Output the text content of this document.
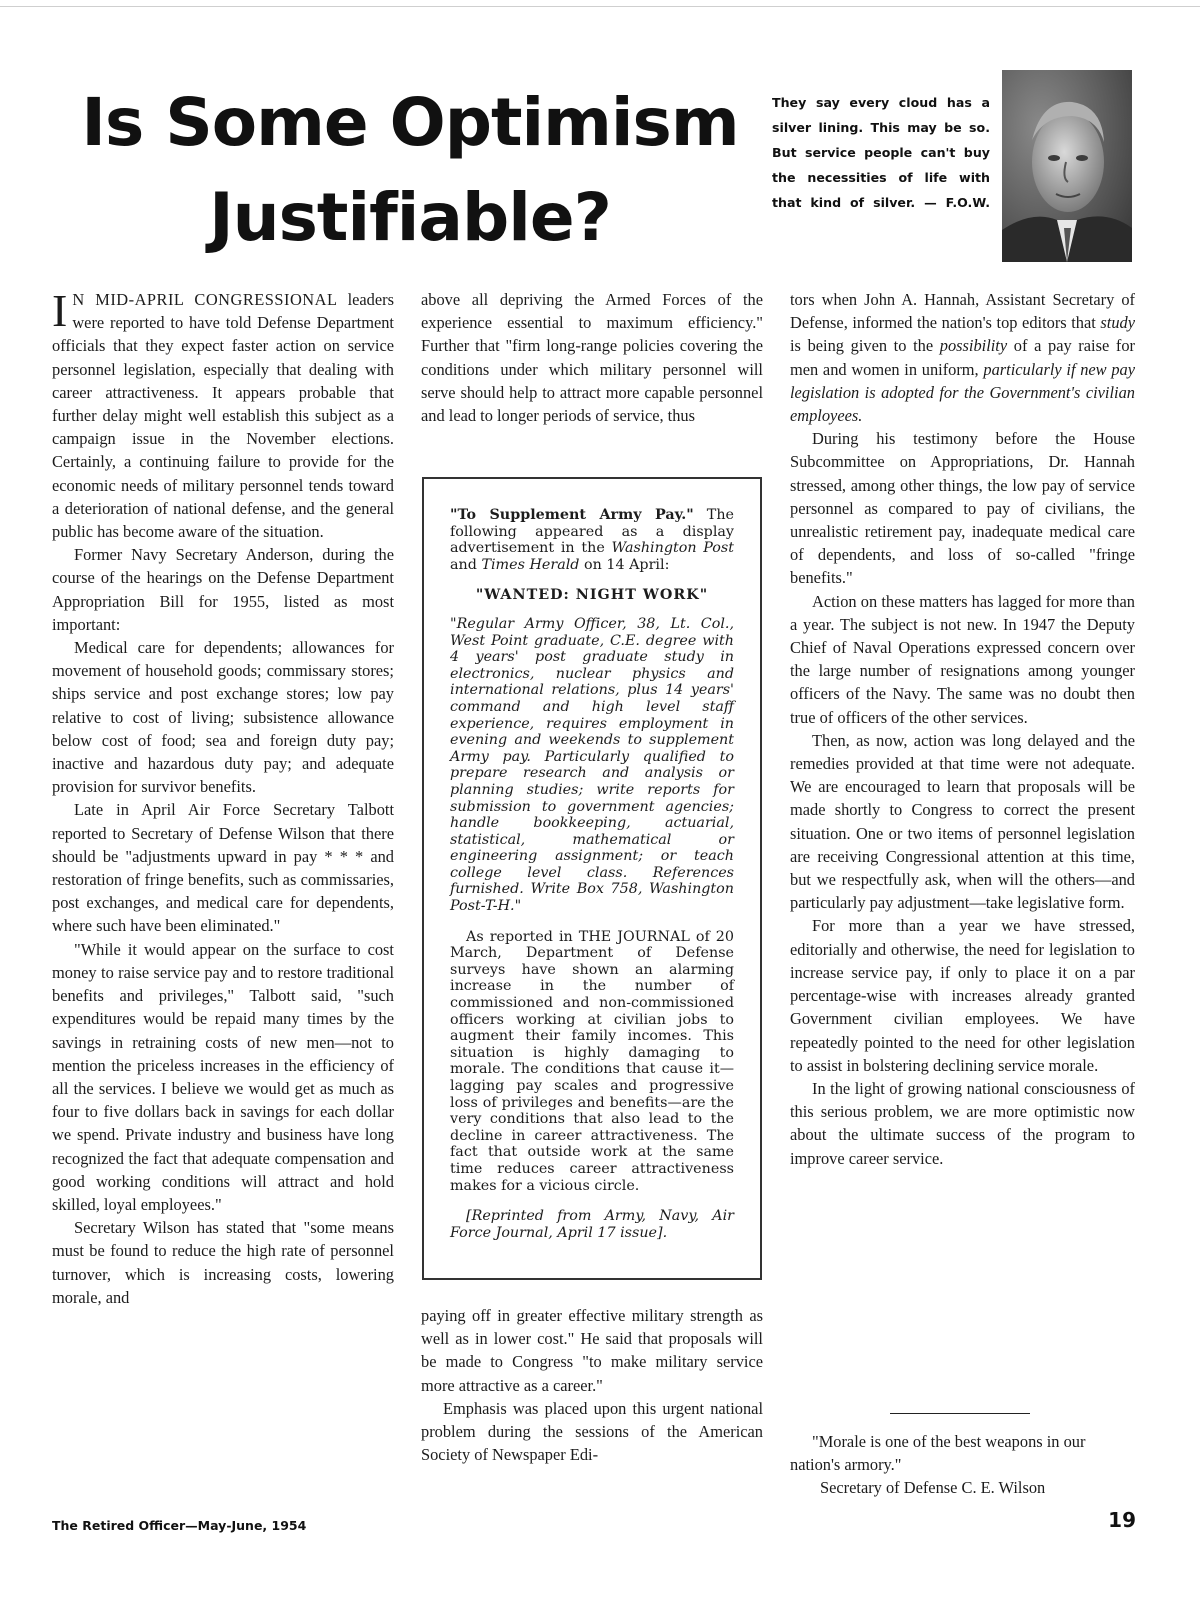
Is Some Optimism
Justifiable?

They say every cloud has a silver lining. This may be so. But service people can't buy the necessities of life with that kind of silver. — F.O.W.

IN MID-APRIL CONGRESSIONAL leaders were reported to have told Defense Department officials that they expect faster action on service personnel legislation, especially that dealing with career attractiveness. It appears probable that further delay might well establish this subject as a campaign issue in the November elections. Certainly, a continuing failure to provide for the economic needs of military personnel tends toward a deterioration of national defense, and the general public has become aware of the situation.

Former Navy Secretary Anderson, during the course of the hearings on the Defense Department Appropriation Bill for 1955, listed as most important:

Medical care for dependents; allowances for movement of household goods; commissary stores; ships service and post exchange stores; low pay relative to cost of living; subsistence allowance below cost of food; sea and foreign duty pay; inactive and hazardous duty pay; and adequate provision for survivor benefits.

Late in April Air Force Secretary Talbott reported to Secretary of Defense Wilson that there should be "adjustments upward in pay * * * and restoration of fringe benefits, such as commissaries, post exchanges, and medical care for dependents, where such have been eliminated."

"While it would appear on the surface to cost money to raise service pay and to restore traditional benefits and privileges," Talbott said, "such expenditures would be repaid many times by the savings in retraining costs of new men—not to mention the priceless increases in the efficiency of all the services. I believe we would get as much as four to five dollars back in savings for each dollar we spend. Private industry and business have long recognized the fact that adequate compensation and good working conditions will attract and hold skilled, loyal employees."

Secretary Wilson has stated that "some means must be found to reduce the high rate of personnel turnover, which is increasing costs, lowering morale, and

above all depriving the Armed Forces of the experience essential to maximum efficiency." Further that "firm long-range policies covering the conditions under which military personnel will serve should help to attract more capable personnel and lead to longer periods of service, thus

"To Supplement Army Pay." The following appeared as a display advertisement in the Washington Post and Times Herald on 14 April:

"WANTED: NIGHT WORK"

"Regular Army Officer, 38, Lt. Col., West Point graduate, C.E. degree with 4 years' post graduate study in electronics, nuclear physics and international relations, plus 14 years' command and high level staff experience, requires employment in evening and weekends to supplement Army pay. Particularly qualified to prepare research and analysis or planning studies; write reports for submission to government agencies; handle bookkeeping, actuarial, statistical, mathematical or engineering assignment; or teach college level class. References furnished. Write Box 758, Washington Post-T-H."

As reported in THE JOURNAL of 20 March, Department of Defense surveys have shown an alarming increase in the number of commissioned and non-commissioned officers working at civilian jobs to augment their family incomes. This situation is highly damaging to morale. The conditions that cause it—lagging pay scales and progressive loss of privileges and benefits—are the very conditions that also lead to the decline in career attractiveness. The fact that outside work at the same time reduces career attractiveness makes for a vicious circle.

[Reprinted from Army, Navy, Air Force Journal, April 17 issue].

paying off in greater effective military strength as well as in lower cost." He said that proposals will be made to Congress "to make military service more attractive as a career."

Emphasis was placed upon this urgent national problem during the sessions of the American Society of Newspaper Edi-

tors when John A. Hannah, Assistant Secretary of Defense, informed the nation's top editors that study is being given to the possibility of a pay raise for men and women in uniform, particularly if new pay legislation is adopted for the Government's civilian employees.

During his testimony before the House Subcommittee on Appropriations, Dr. Hannah stressed, among other things, the low pay of service personnel as compared to pay of civilians, the unrealistic retirement pay, inadequate medical care of dependents, and loss of so-called "fringe benefits."

Action on these matters has lagged for more than a year. The subject is not new. In 1947 the Deputy Chief of Naval Operations expressed concern over the large number of resignations among younger officers of the Navy. The same was no doubt then true of officers of the other services.

Then, as now, action was long delayed and the remedies provided at that time were not adequate. We are encouraged to learn that proposals will be made shortly to Congress to correct the present situation. One or two items of personnel legislation are receiving Congressional attention at this time, but we respectfully ask, when will the others—and particularly pay adjustment—take legislative form.

For more than a year we have stressed, editorially and otherwise, the need for legislation to increase service pay, if only to place it on a par percentage-wise with increases already granted Government civilian employees. We have repeatedly pointed to the need for other legislation to assist in bolstering declining service morale.

In the light of growing national consciousness of this serious problem, we are more optimistic now about the ultimate success of the program to improve career service.

"Morale is one of the best weapons in our nation's armory."

Secretary of Defense C. E. Wilson

The Retired Officer—May-June, 1954	19
